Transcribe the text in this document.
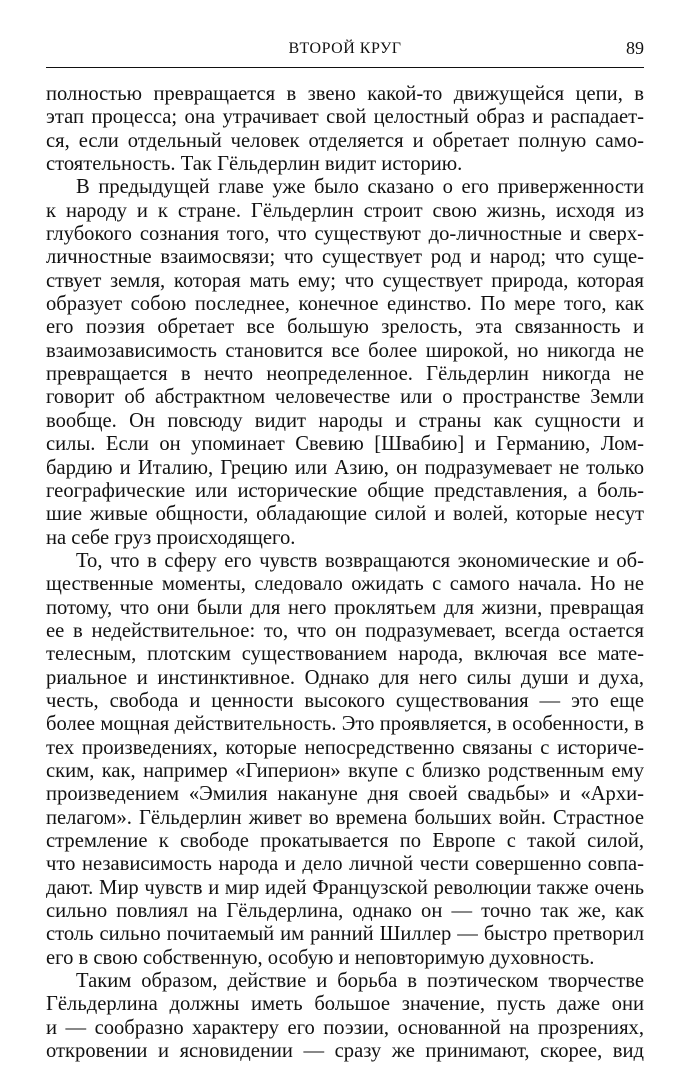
ВТОРОЙ КРУГ	89
полностью превращается в звено какой-то движущейся цепи, в
этап процесса; она утрачивает свой целостный образ и распадает-
ся, если отдельный человек отделяется и обретает полную само-
стоятельность. Так Гёльдерлин видит историю.
В предыдущей главе уже было сказано о его приверженности
к народу и к стране. Гёльдерлин строит свою жизнь, исходя из
глубокого сознания того, что существуют до-личностные и сверх-
личностные взаимосвязи; что существует род и народ; что суще-
ствует земля, которая мать ему; что существует природа, которая
образует собою последнее, конечное единство. По мере того, как
его поэзия обретает все большую зрелость, эта связанность и
взаимозависимость становится все более широкой, но никогда не
превращается в нечто неопределенное. Гёльдерлин никогда не
говорит об абстрактном человечестве или о пространстве Земли
вообще. Он повсюду видит народы и страны как сущности и
силы. Если он упоминает Свевию [Швабию] и Германию, Лом-
бардию и Италию, Грецию или Азию, он подразумевает не только
географические или исторические общие представления, а боль-
шие живые общности, обладающие силой и волей, которые несут
на себе груз происходящего.
То, что в сферу его чувств возвращаются экономические и об-
щественные моменты, следовало ожидать с самого начала. Но не
потому, что они были для него проклятьем для жизни, превращая
ее в недействительное: то, что он подразумевает, всегда остается
телесным, плотским существованием народа, включая все мате-
риальное и инстинктивное. Однако для него силы души и духа,
честь, свобода и ценности высокого существования — это еще
более мощная действительность. Это проявляется, в особенности, в
тех произведениях, которые непосредственно связаны с историче-
ским, как, например «Гиперион» вкупе с близко родственным ему
произведением «Эмилия накануне дня своей свадьбы» и «Архи-
пелагом». Гёльдерлин живет во времена больших войн. Страстное
стремление к свободе прокатывается по Европе с такой силой,
что независимость народа и дело личной чести совершенно совпа-
дают. Мир чувств и мир идей Французской революции также очень
сильно повлиял на Гёльдерлина, однако он — точно так же, как
столь сильно почитаемый им ранний Шиллер — быстро претворил
его в свою собственную, особую и неповторимую духовность.
Таким образом, действие и борьба в поэтическом творчестве
Гёльдерлина должны иметь большое значение, пусть даже они
и — сообразно характеру его поэзии, основанной на прозрениях,
откровении и ясновидении — сразу же принимают, скорее, вид
